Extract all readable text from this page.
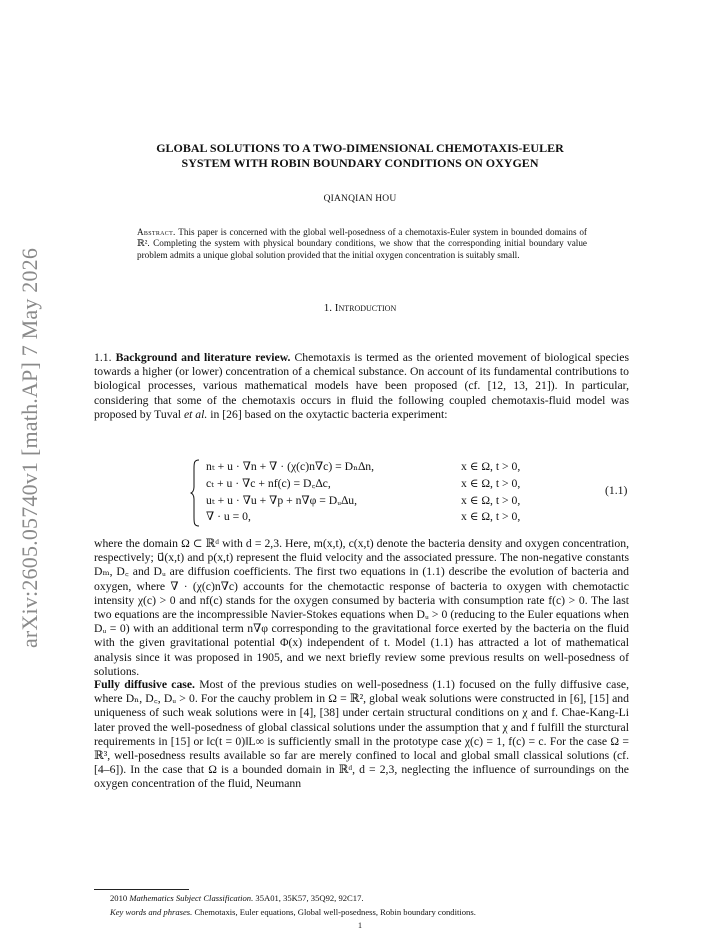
arXiv:2605.05740v1 [math.AP] 7 May 2026
GLOBAL SOLUTIONS TO A TWO-DIMENSIONAL CHEMOTAXIS-EULER
SYSTEM WITH ROBIN BOUNDARY CONDITIONS ON OXYGEN
QIANQIAN HOU
Abstract. This paper is concerned with the global well-posedness of a chemotaxis-Euler system in bounded domains of ℝ². Completing the system with physical boundary conditions, we show that the corresponding initial boundary value problem admits a unique global solution provided that the initial oxygen concentration is suitably small.
1. Introduction
1.1. Background and literature review. Chemotaxis is termed as the oriented movement of biological species towards a higher (or lower) concentration of a chemical substance. On account of its fundamental contributions to biological processes, various mathematical models have been proposed (cf. [12, 13, 21]). In particular, considering that some of the chemotaxis occurs in fluid the following coupled chemotaxis-fluid model was proposed by Tuval et al. in [26] based on the oxytactic bacteria experiment:
nₜ + u · ∇n + ∇ · (χ(c)n∇c) = Dₙ∆n,	x ∈ Ω, t > 0,
cₜ + u · ∇c + nf(c) = D꜀∆c,	x ∈ Ω, t > 0,
uₜ + u · ∇u + ∇p + n∇φ = Dᵤ∆u,	x ∈ Ω, t > 0,
∇ · u = 0,	x ∈ Ω, t > 0,
(1.1)
where the domain Ω ⊂ ℝᵈ with d = 2,3. Here, m(x,t), c(x,t) denote the bacteria density and oxygen concentration, respectively; u⃗(x,t) and p(x,t) represent the fluid velocity and the associated pressure. The non-negative constants Dₘ, D꜀ and Dᵤ are diffusion coefficients. The first two equations in (1.1) describe the evolution of bacteria and oxygen, where ∇ · (χ(c)n∇c) accounts for the chemotactic response of bacteria to oxygen with chemotactic intensity χ(c) > 0 and nf(c) stands for the oxygen consumed by bacteria with consumption rate f(c) > 0. The last two equations are the incompressible Navier-Stokes equations when Dᵤ > 0 (reducing to the Euler equations when Dᵤ = 0) with an additional term n∇φ corresponding to the gravitational force exerted by the bacteria on the fluid with the given gravitational potential Φ(x) independent of t. Model (1.1) has attracted a lot of mathematical analysis since it was proposed in 1905, and we next briefly review some previous results on well-posedness of solutions.
Fully diffusive case. Most of the previous studies on well-posedness (1.1) focused on the fully diffusive case, where Dₙ, D꜀, Dᵤ > 0. For the cauchy problem in Ω = ℝ², global weak solutions were constructed in [6], [15] and uniqueness of such weak solutions were in [4], [38] under certain structural conditions on χ and f. Chae-Kang-Li later proved the well-posedness of global classical solutions under the assumption that χ and f fulfill the sturctural requirements in [15] or ‖c(t = 0)‖L∞ is sufficiently small in the prototype case χ(c) = 1, f(c) = c. For the case Ω = ℝ³, well-posedness results available so far are merely confined to local and global small classical solutions (cf. [4–6]). In the case that Ω is a bounded domain in ℝᵈ, d = 2,3, neglecting the influence of surroundings on the oxygen concentration of the fluid, Neumann
2010 Mathematics Subject Classification. 35A01, 35K57, 35Q92, 92C17.
Key words and phrases. Chemotaxis, Euler equations, Global well-posedness, Robin boundary conditions.
1
